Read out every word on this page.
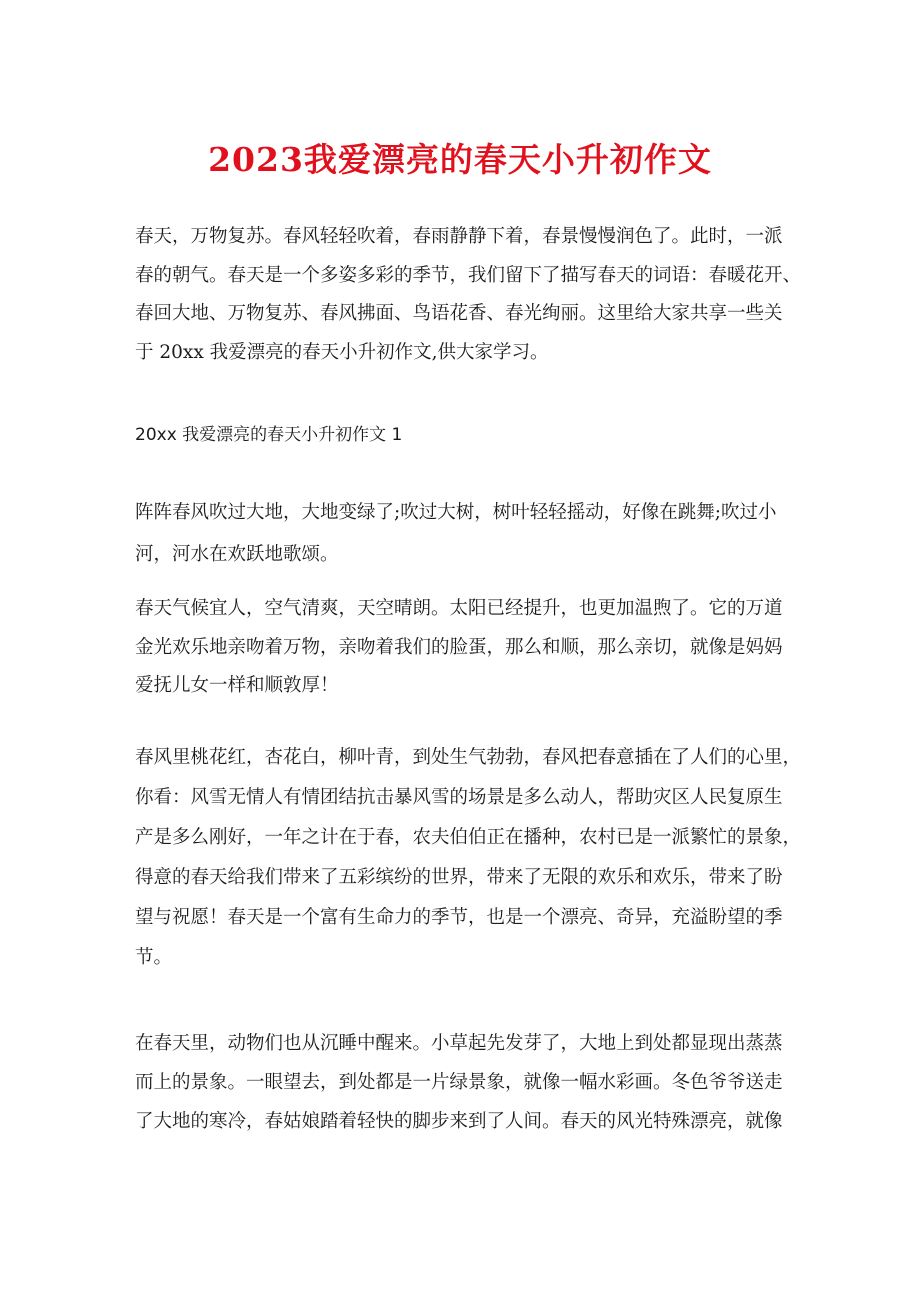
2023我爱漂亮的春天小升初作文
春天，万物复苏。春风轻轻吹着，春雨静静下着，春景慢慢润色了。此时，一派
春的朝气。春天是一个多姿多彩的季节，我们留下了描写春天的词语：春暖花开、
春回大地、万物复苏、春风拂面、鸟语花香、春光绚丽。这里给大家共享一些关
于 20xx 我爱漂亮的春天小升初作文,供大家学习。
20xx 我爱漂亮的春天小升初作文 1
阵阵春风吹过大地，大地变绿了;吹过大树，树叶轻轻摇动，好像在跳舞;吹过小
河，河水在欢跃地歌颂。
春天气候宜人，空气清爽，天空晴朗。太阳已经提升，也更加温煦了。它的万道
金光欢乐地亲吻着万物，亲吻着我们的脸蛋，那么和顺，那么亲切，就像是妈妈
爱抚儿女一样和顺敦厚！
春风里桃花红，杏花白，柳叶青，到处生气勃勃，春风把春意插在了人们的心里，
你看：风雪无情人有情团结抗击暴风雪的场景是多么动人，帮助灾区人民复原生
产是多么刚好，一年之计在于春，农夫伯伯正在播种，农村已是一派繁忙的景象，
得意的春天给我们带来了五彩缤纷的世界，带来了无限的欢乐和欢乐，带来了盼
望与祝愿！春天是一个富有生命力的季节，也是一个漂亮、奇异，充溢盼望的季
节。
在春天里，动物们也从沉睡中醒来。小草起先发芽了，大地上到处都显现出蒸蒸
而上的景象。一眼望去，到处都是一片绿景象，就像一幅水彩画。冬色爷爷送走
了大地的寒冷，春姑娘踏着轻快的脚步来到了人间。春天的风光特殊漂亮，就像
